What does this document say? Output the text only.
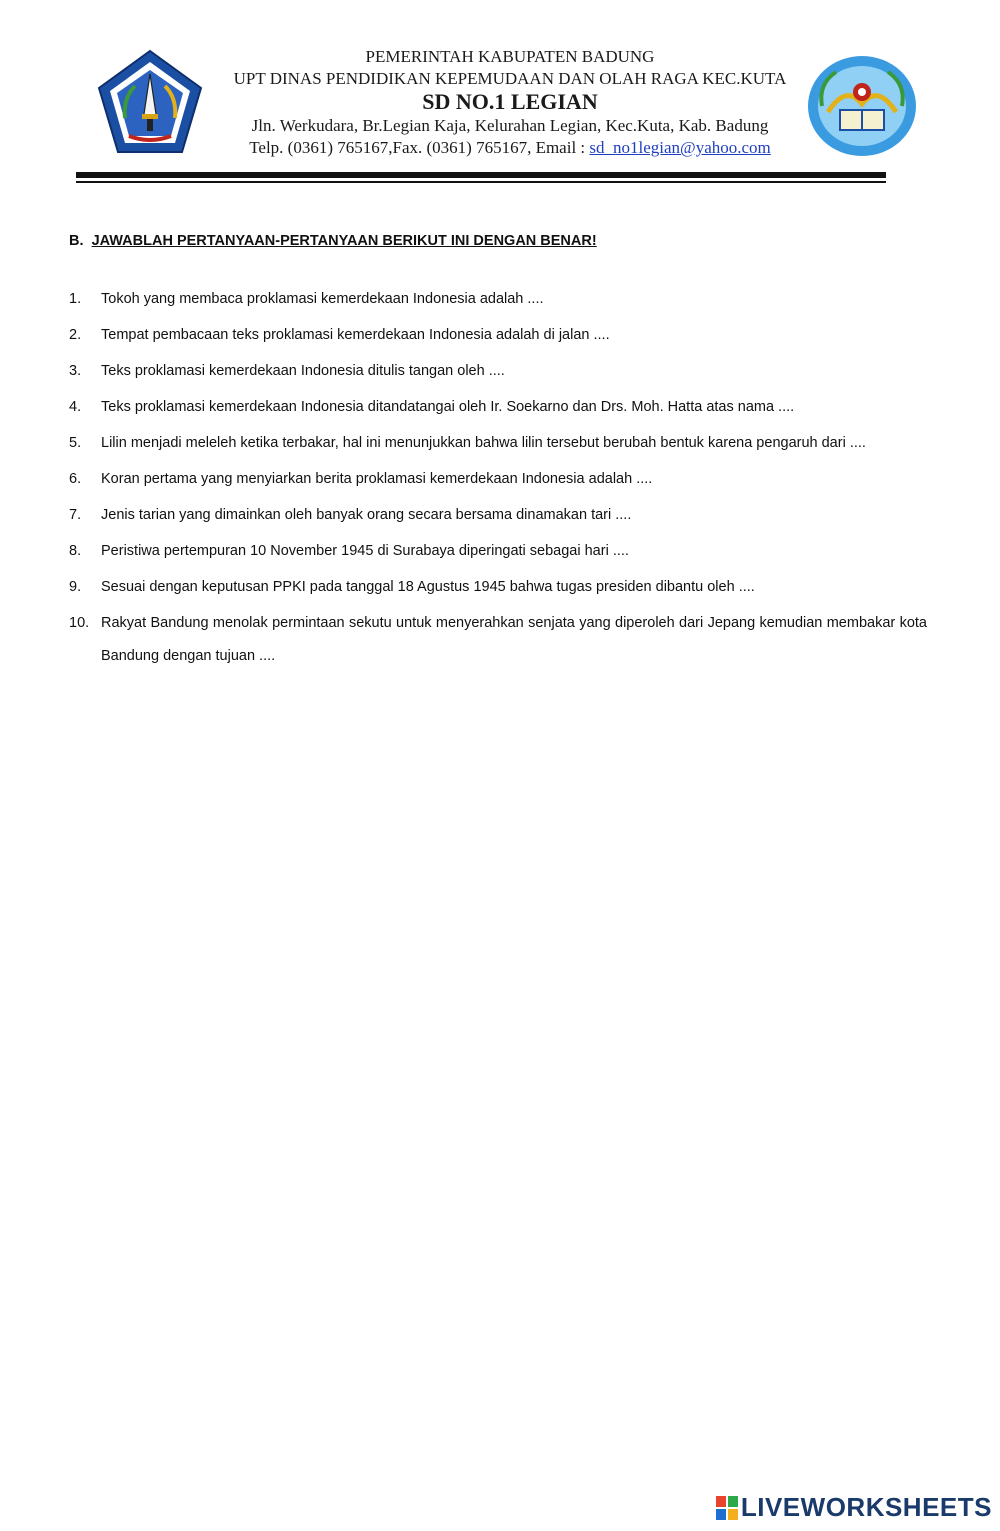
PEMERINTAH KABUPATEN BADUNG
UPT DINAS PENDIDIKAN KEPEMUDAAN DAN OLAH RAGA KEC.KUTA
SD NO.1 LEGIAN
Jln. Werkudara, Br.Legian Kaja, Kelurahan Legian, Kec.Kuta, Kab. Badung
Telp. (0361) 765167,Fax. (0361) 765167, Email : sd_no1legian@yahoo.com
B. JAWABLAH PERTANYAAN-PERTANYAAN BERIKUT INI DENGAN BENAR!
1.	Tokoh yang membaca proklamasi kemerdekaan Indonesia adalah ....
2.	Tempat pembacaan teks proklamasi kemerdekaan Indonesia adalah di jalan ....
3.	Teks proklamasi kemerdekaan Indonesia ditulis tangan oleh ....
4.	Teks proklamasi kemerdekaan Indonesia ditandatangai oleh Ir. Soekarno dan Drs. Moh. Hatta atas nama ....
5.	Lilin menjadi meleleh ketika terbakar, hal ini menunjukkan bahwa lilin tersebut berubah bentuk karena pengaruh dari ....
6.	Koran pertama yang menyiarkan berita proklamasi kemerdekaan Indonesia adalah ....
7.	Jenis tarian yang dimainkan oleh banyak orang secara bersama dinamakan tari ....
8.	Peristiwa pertempuran 10 November 1945 di Surabaya diperingati sebagai hari ....
9.	Sesuai dengan keputusan PPKI pada tanggal 18 Agustus 1945 bahwa tugas presiden dibantu oleh ....
10. Rakyat Bandung menolak permintaan sekutu untuk menyerahkan senjata yang diperoleh dari Jepang kemudian membakar kota Bandung dengan tujuan ....
LIVEWORKSHEETS
